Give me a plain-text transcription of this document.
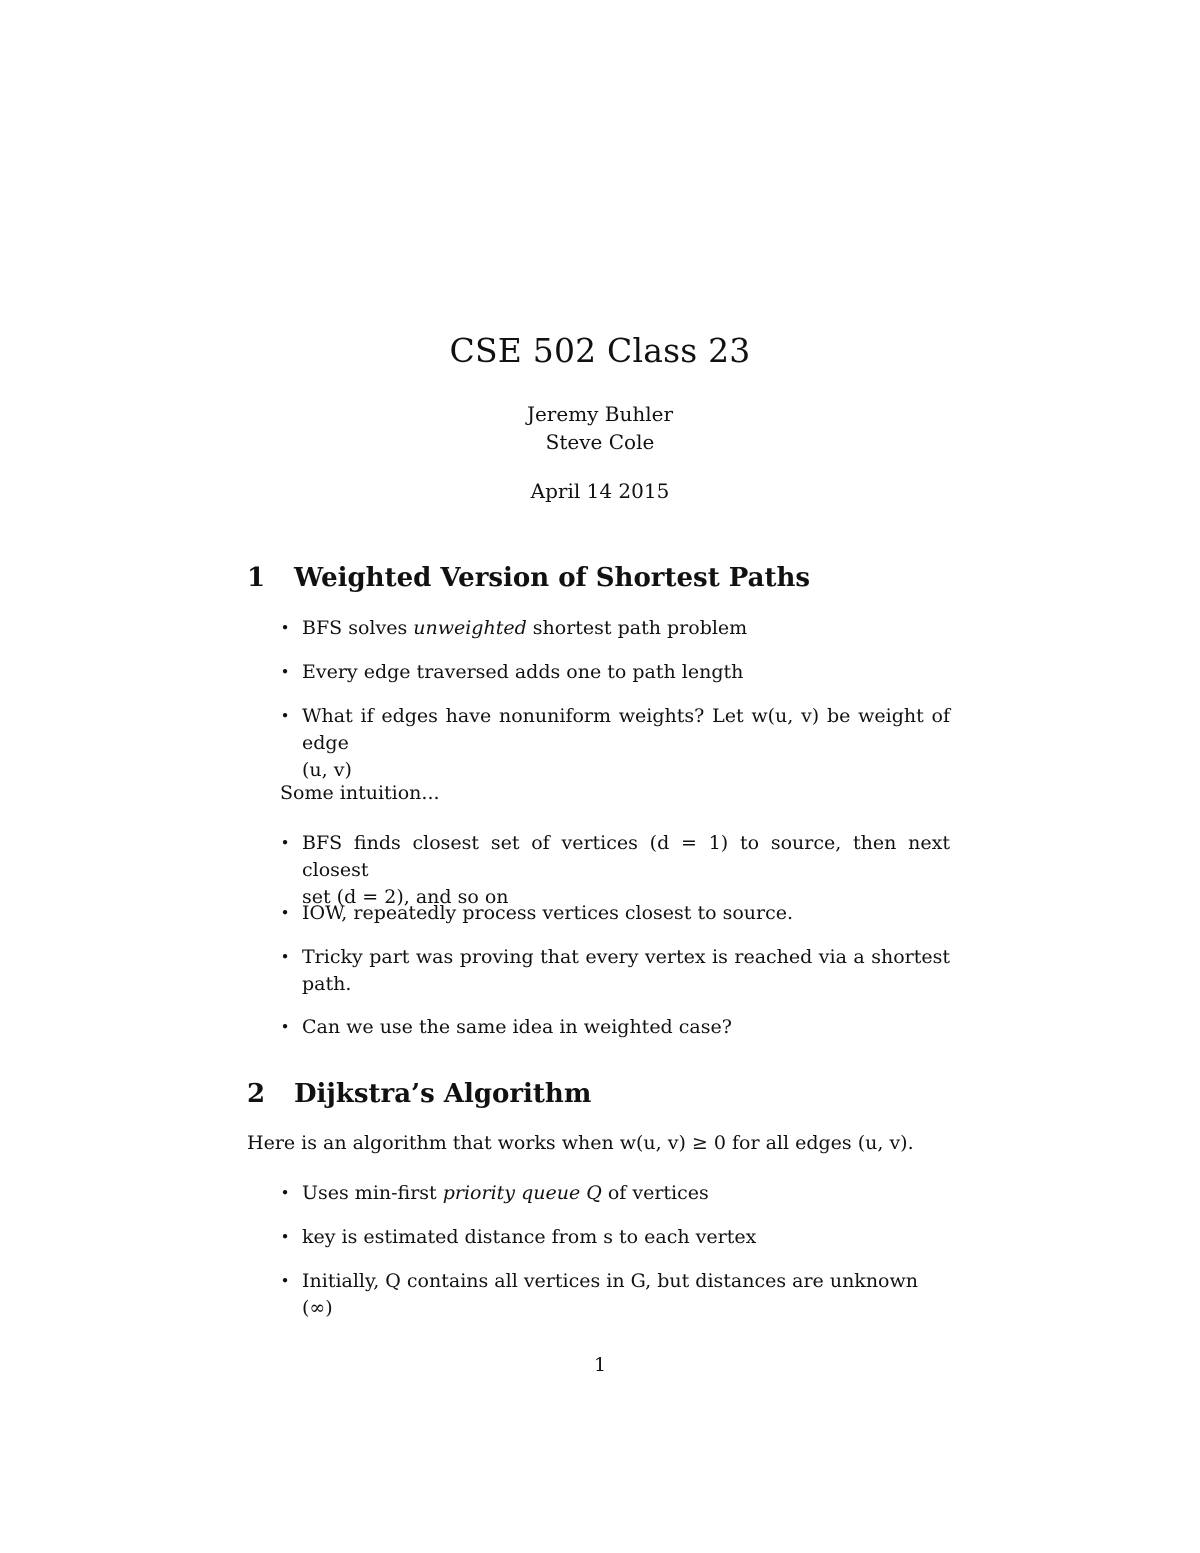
CSE 502 Class 23
Jeremy Buhler
Steve Cole
April 14 2015
1 Weighted Version of Shortest Paths
• BFS solves unweighted shortest path problem
• Every edge traversed adds one to path length
• What if edges have nonuniform weights? Let w(u, v) be weight of edge
(u, v)
Some intuition...
• BFS finds closest set of vertices (d = 1) to source, then next closest
set (d = 2), and so on
• IOW, repeatedly process vertices closest to source.
• Tricky part was proving that every vertex is reached via a shortest
path.
• Can we use the same idea in weighted case?
2 Dijkstra’s Algorithm
Here is an algorithm that works when w(u, v) ≥ 0 for all edges (u, v).
• Uses min-first priority queue Q of vertices
• key is estimated distance from s to each vertex
• Initially, Q contains all vertices in G, but distances are unknown (∞)
1
